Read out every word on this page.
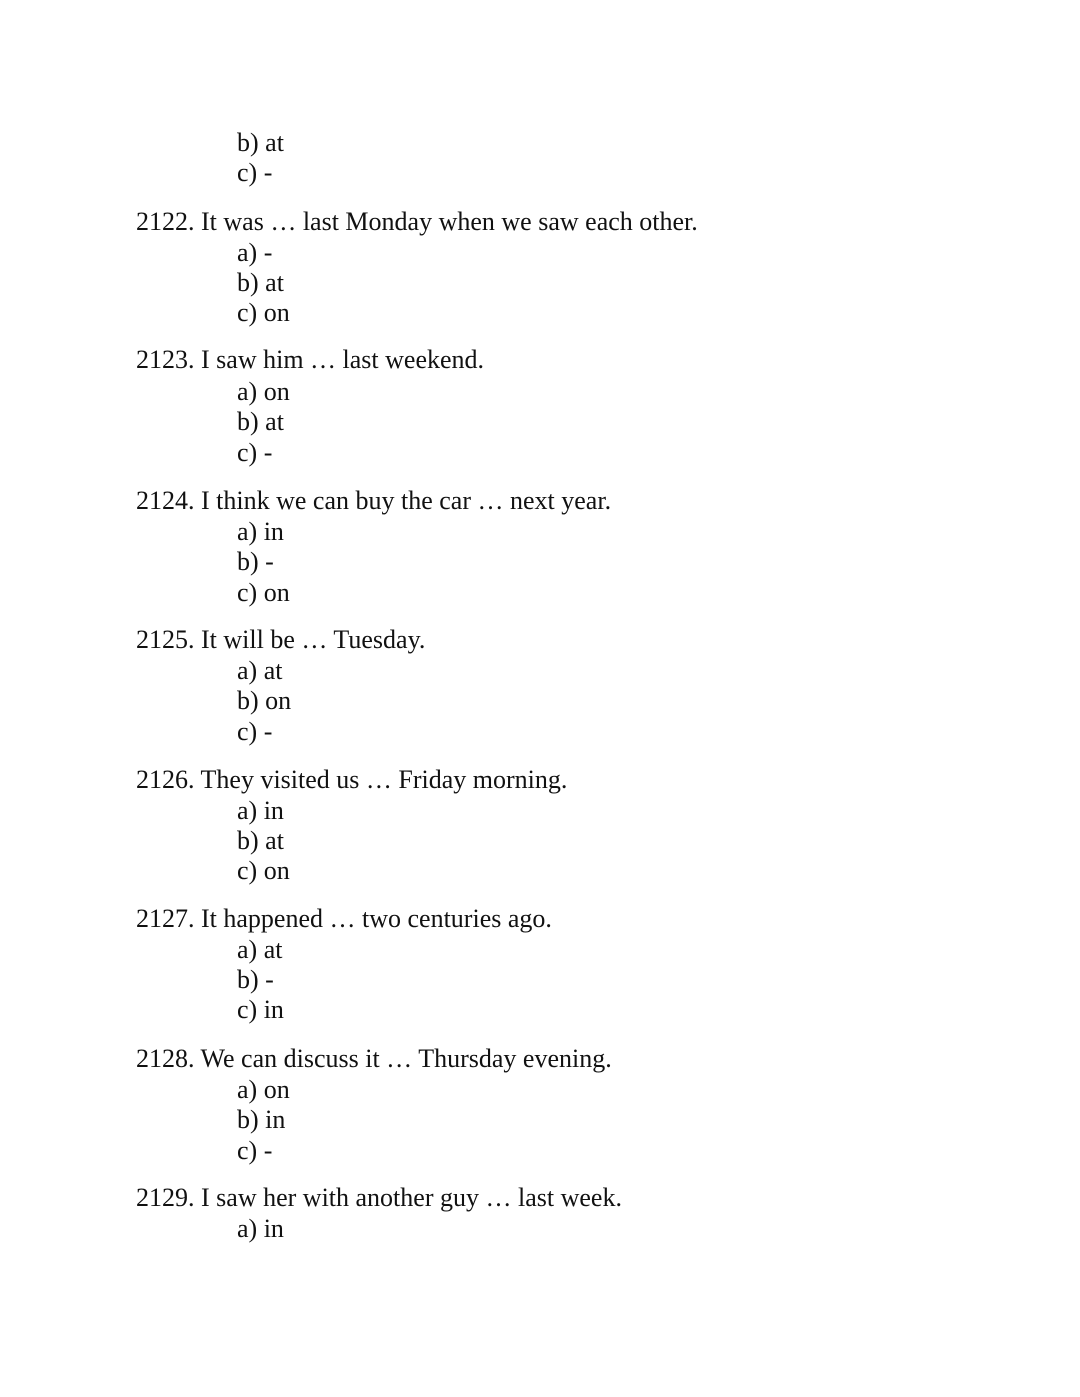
b) at
c) -
2122. It was … last Monday when we saw each other.
a) -
b) at
c) on
2123. I saw him … last weekend.
a) on
b) at
c) -
2124. I think we can buy the car … next year.
a) in
b) -
c) on
2125. It will be … Tuesday.
a) at
b) on
c) -
2126. They visited us … Friday morning.
a) in
b) at
c) on
2127. It happened … two centuries ago.
a) at
b) -
c) in
2128. We can discuss it … Thursday evening.
a) on
b) in
c) -
2129. I saw her with another guy … last week.
a) in
